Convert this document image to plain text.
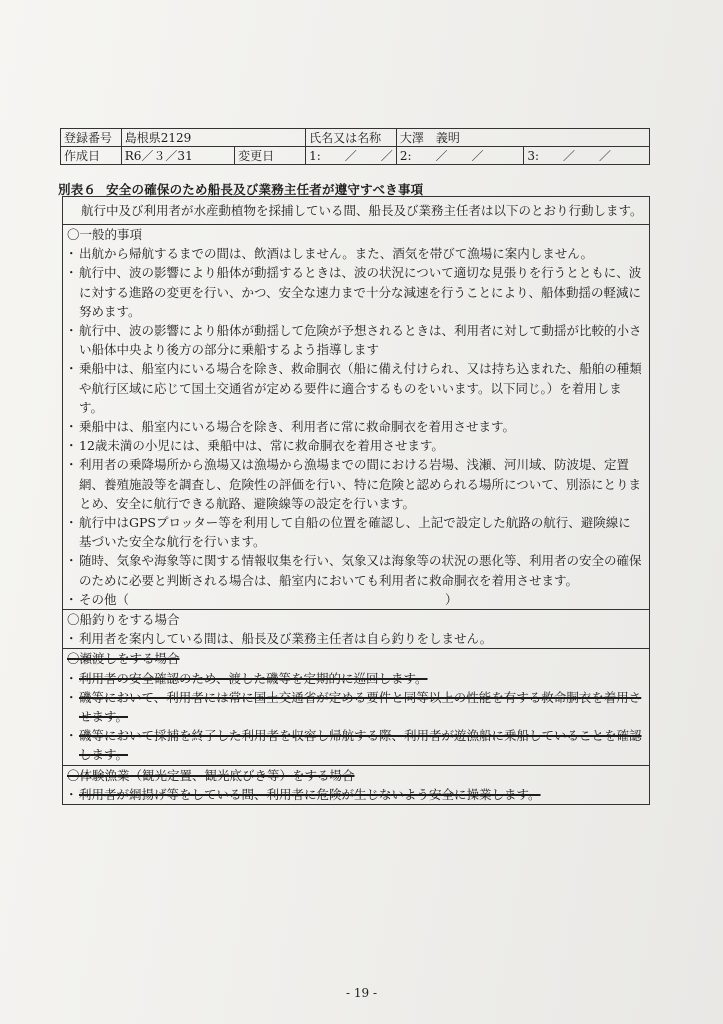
登録番号	島根県2129		氏名又は名称	大澤　義明	
作成日	R6／３／31	変更日	1:　　／　　／	2:　　／　　／	3:　　／　　／
別表６ 安全の確保のため船長及び業務主任者が遵守すべき事項
航行中及び利用者が水産動植物を採捕している間、船長及び業務主任者は以下のとおり行動します。
〇一般的事項
・ 出航から帰航するまでの間は、飲酒はしません。また、酒気を帯びて漁場に案内しません。
・ 航行中、波の影響により船体が動揺するときは、波の状況について適切な見張りを行うとともに、波に対する進路の変更を行い、かつ、安全な速力まで十分な減速を行うことにより、船体動揺の軽減に努めます。
・ 航行中、波の影響により船体が動揺して危険が予想されるときは、利用者に対して動揺が比較的小さい船体中央より後方の部分に乗船するよう指導します
・ 乗船中は、船室内にいる場合を除き、救命胴衣（船に備え付けられ、又は持ち込まれた、船舶の種類や航行区域に応じて国土交通省が定める要件に適合するものをいいます。以下同じ。）を着用します。
・ 乗船中は、船室内にいる場合を除き、利用者に常に救命胴衣を着用させます。
・ 12歳未満の小児には、乗船中は、常に救命胴衣を着用させます。
・ 利用者の乗降場所から漁場又は漁場から漁場までの間における岩場、浅瀬、河川域、防波堤、定置網、養殖施設等を調査し、危険性の評価を行い、特に危険と認められる場所について、別添にとりまとめ、安全に航行できる航路、避険線等の設定を行います。
・ 航行中はGPSプロッター等を利用して自船の位置を確認し、上記で設定した航路の航行、避険線に基づいた安全な航行を行います。
・ 随時、気象や海象等に関する情報収集を行い、気象又は海象等の状況の悪化等、利用者の安全の確保のために必要と判断される場合は、船室内においても利用者に救命胴衣を着用させます。
・ その他（	）
〇船釣りをする場合
・ 利用者を案内している間は、船長及び業務主任者は自ら釣りをしません。
〇瀬渡しをする場合
・ 利用者の安全確認のため、渡した磯等を定期的に巡回します。
・ 磯等において、利用者には常に国土交通省が定める要件と同等以上の性能を有する救命胴衣を着用させます。
・ 磯等において採捕を終了した利用者を収容し帰航する際、利用者が遊漁船に乗船していることを確認します。
〇体験漁業（観光定置、観光底びき等）をする場合
・ 利用者が網揚げ等をしている間、利用者に危険が生じないよう安全に操業します。
- 19 -
